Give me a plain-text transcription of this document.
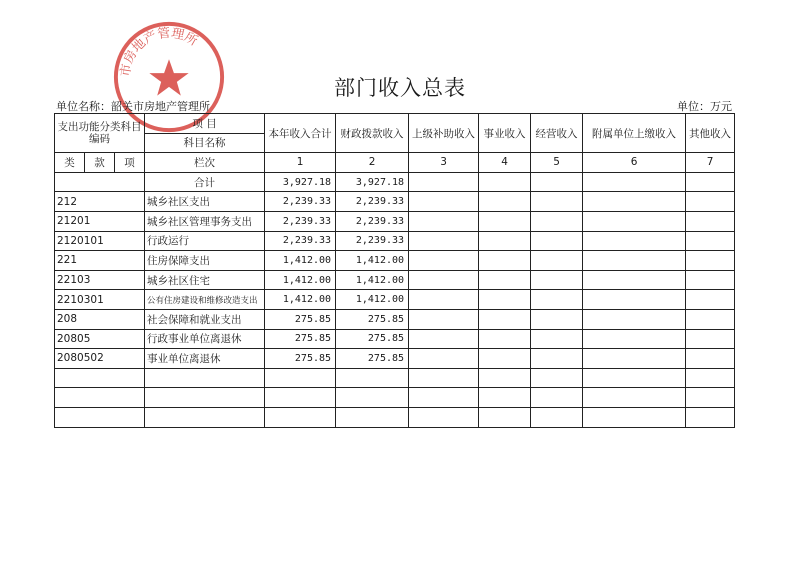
市房地产管理所
部门收入总表
单位名称：韶关市房地产管理所	单位：万元
支出功能分类科目编码			项 目	本年收入合计	财政拨款收入	上级补助收入	事业收入	经营收入	附属单位上缴收入	其他收入
			科目名称							

类	款	项	栏次	1	2	3	4	5	6	7
			合计	3,927.18	3,927.18					
212			城乡社区支出	2,239.33	2,239.33					
21201			城乡社区管理事务支出	2,239.33	2,239.33					
2120101			行政运行	2,239.33	2,239.33					
221			住房保障支出	1,412.00	1,412.00					
22103			城乡社区住宅	1,412.00	1,412.00					
2210301			公有住房建设和维修改造支出	1,412.00	1,412.00					
208			社会保障和就业支出	275.85	275.85					
20805			行政事业单位离退休	275.85	275.85					
2080502			事业单位离退休	275.85	275.85					
